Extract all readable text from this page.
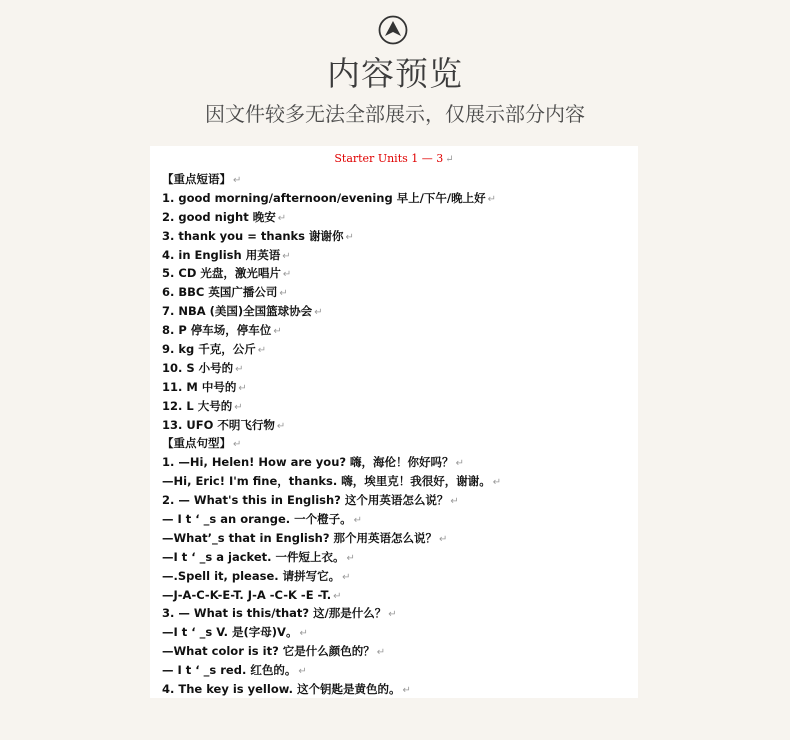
内容预览
因文件较多无法全部展示，仅展示部分内容
Starter Units 1 — 3 ↵
【重点短语】 ↵
1. good morning/afternoon/evening 早上/下午/晚上好 ↵
2. good night 晚安 ↵
3. thank you = thanks 谢谢你 ↵
4. in English 用英语 ↵
5. CD 光盘，激光唱片 ↵
6. BBC 英国广播公司 ↵
7. NBA (美国)全国篮球协会 ↵
8. P 停车场，停车位 ↵
9. kg 千克，公斤 ↵
10. S 小号的 ↵
11. M 中号的 ↵
12. L 大号的 ↵
13. UFO 不明飞行物 ↵
【重点句型】 ↵
1. —Hi, Helen! How are you? 嗨，海伦！你好吗？ ↵
—Hi, Eric! I'm fine，thanks. 嗨，埃里克！我很好，谢谢。 ↵
2. — What's this in English? 这个用英语怎么说？ ↵
— I t ‘ _s an orange. 一个橙子。 ↵
—What’_s that in English? 那个用英语怎么说？ ↵
—I t ‘ _s a jacket. 一件短上衣。 ↵
—.Spell it, please. 请拼写它。 ↵
—J-A-C-K-E-T. J-A -C-K -E -T. ↵
3. — What is this/that? 这/那是什么？ ↵
—I t ‘ _s V. 是(字母)V。 ↵
—What color is it? 它是什么颜色的？ ↵
— I t ‘ _s red. 红色的。 ↵
4. The key is yellow. 这个钥匙是黄色的。 ↵
